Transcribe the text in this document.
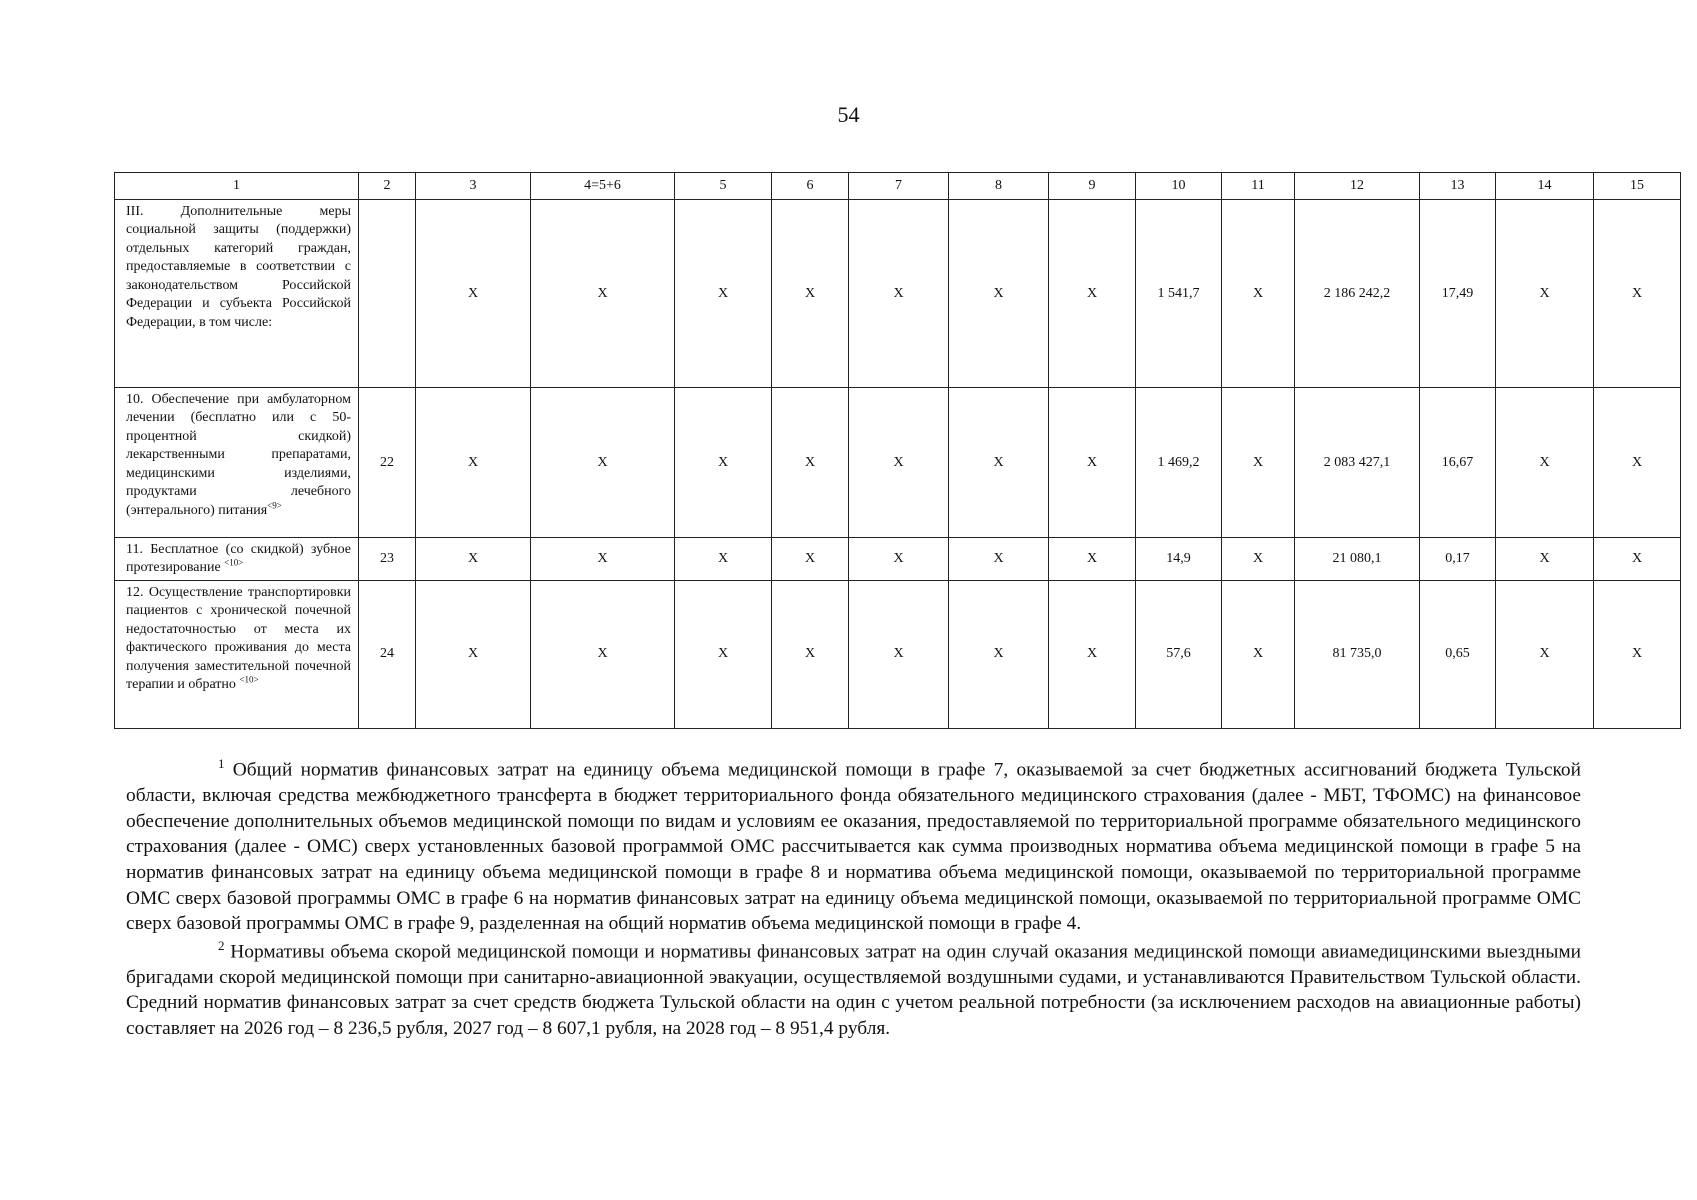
54
1	2	3	4=5+6	5	6	7	8	9	10	11	12	13	14	15
III. Дополнительные меры социальной защиты (поддержки) отдельных категорий граждан, предоставляемые в соответствии с законодательством Российской Федерации и субъекта Российской Федерации, в том числе:		Х	Х	Х	Х	Х	Х	Х	1 541,7	Х	2 186 242,2	17,49	Х	Х
10. Обеспечение при амбулаторном лечении (бесплатно или с 50-процентной скидкой) лекарственными препаратами, медицинскими изделиями, продуктами лечебного (энтерального) питания$^{<9>}$	22	Х	Х	Х	Х	Х	Х	Х	1 469,2	Х	2 083 427,1	16,67	Х	Х
11. Бесплатное (со скидкой) зубное протезирование $^{<10>}$	23	Х	Х	Х	Х	Х	Х	Х	14,9	Х	21 080,1	0,17	Х	Х
12. Осуществление транспортировки пациентов с хронической почечной недостаточностью от места их фактического проживания до места получения заместительной почечной терапии и обратно $^{<10>}$	24	Х	Х	Х	Х	Х	Х	Х	57,6	Х	81 735,0	0,65	Х	Х

$^1$ Общий норматив финансовых затрат на единицу объема медицинской помощи в графе 7, оказываемой за счет бюджетных ассигнований бюджета Тульской области, включая средства межбюджетного трансферта в бюджет территориального фонда обязательного медицинского страхования (далее - МБТ, ТФОМС) на финансовое обеспечение дополнительных объемов медицинской помощи по видам и условиям ее оказания, предоставляемой по территориальной программе обязательного медицинского страхования (далее - ОМС) сверх установленных базовой программой ОМС рассчитывается как сумма производных норматива объема медицинской помощи в графе 5 на норматив финансовых затрат на единицу объема медицинской помощи в графе 8 и норматива объема медицинской помощи, оказываемой по территориальной программе ОМС сверх базовой программы ОМС в графе 6 на норматив финансовых затрат на единицу объема медицинской помощи, оказываемой по территориальной программе ОМС сверх базовой программы ОМС в графе 9, разделенная на общий норматив объема медицинской помощи в графе 4.

$^2$ Нормативы объема скорой медицинской помощи и нормативы финансовых затрат на один случай оказания медицинской помощи авиамедицинскими выездными бригадами скорой медицинской помощи при санитарно-авиационной эвакуации, осуществляемой воздушными судами, и устанавливаются Правительством Тульской области. Средний норматив финансовых затрат за счет средств бюджета Тульской области на один с учетом реальной потребности (за исключением расходов на авиационные работы) составляет на 2026 год – 8 236,5 рубля, 2027 год – 8 607,1 рубля, на 2028 год – 8 951,4 рубля.
